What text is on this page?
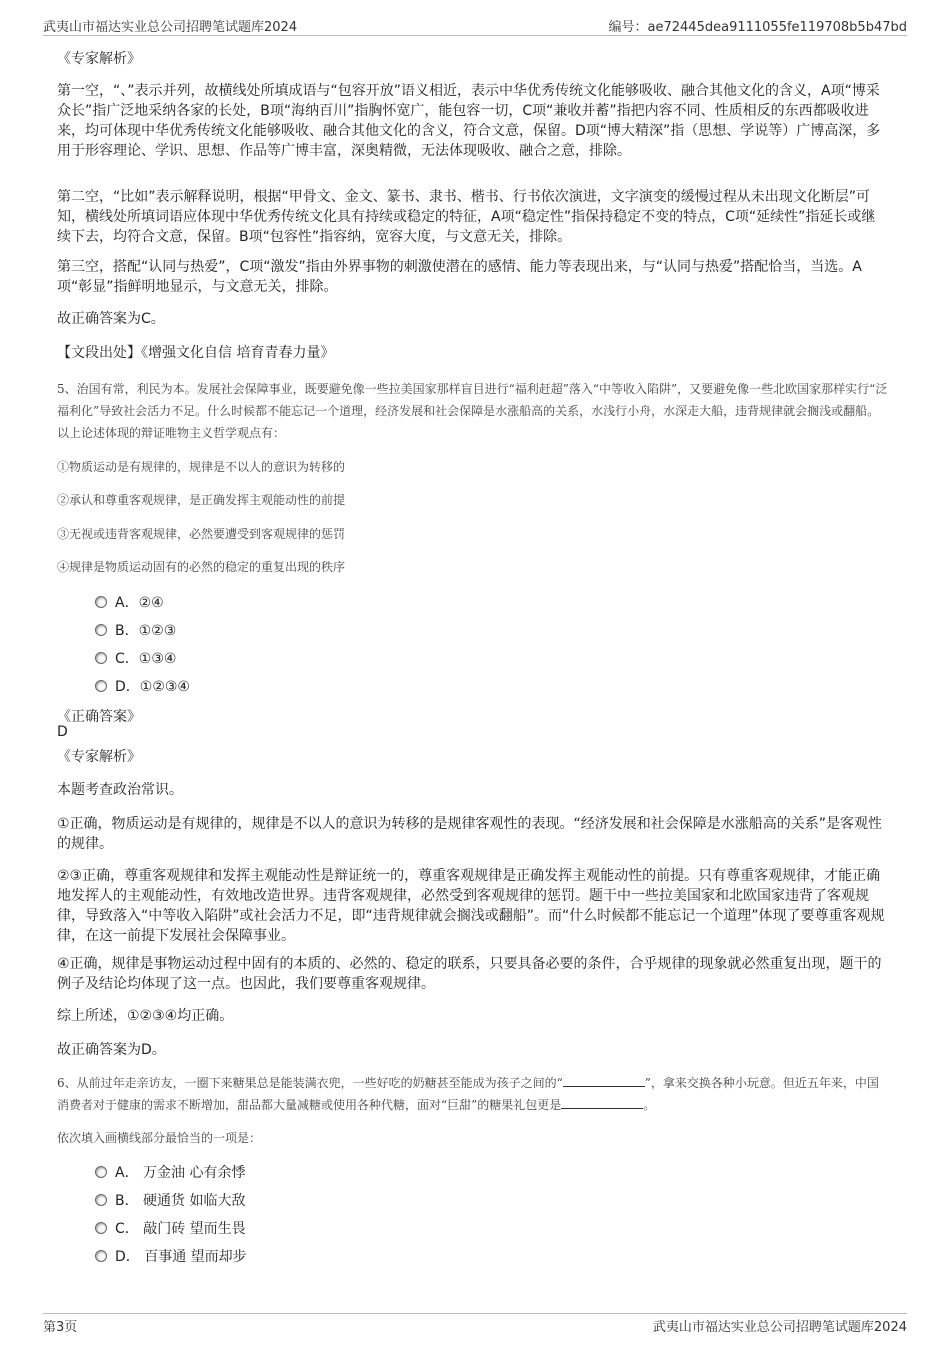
武夷山市福达实业总公司招聘笔试题库2024	编号：ae72445dea9111055fe119708b5b47bd
《专家解析》
第一空，“、”表示并列，故横线处所填成语与“包容开放”语义相近，表示中华优秀传统文化能够吸收、融合其他文化的含义，A项“博采众长”指广泛地采纳各家的长处，B项“海纳百川”指胸怀宽广，能包容一切，C项“兼收并蓄”指把内容不同、性质相反的东西都吸收进来，均可体现中华优秀传统文化能够吸收、融合其他文化的含义，符合文意，保留。D项“博大精深”指（思想、学说等）广博高深，多用于形容理论、学识、思想、作品等广博丰富，深奥精微，无法体现吸收、融合之意，排除。
第二空，“比如”表示解释说明，根据“甲骨文、金文、篆书、隶书、楷书、行书依次演进，文字演变的缓慢过程从未出现文化断层”可知，横线处所填词语应体现中华优秀传统文化具有持续或稳定的特征，A项“稳定性”指保持稳定不变的特点，C项“延续性”指延长或继续下去，均符合文意，保留。B项“包容性”指容纳，宽容大度，与文意无关，排除。
第三空，搭配“认同与热爱”，C项“激发”指由外界事物的刺激使潜在的感情、能力等表现出来，与“认同与热爱”搭配恰当，当选。A项“彰显”指鲜明地显示，与文意无关，排除。
故正确答案为C。
【文段出处】《增强文化自信 培育青春力量》
5、治国有常，利民为本。发展社会保障事业，既要避免像一些拉美国家那样盲目进行“福利赶超”落入“中等收入陷阱”，又要避免像一些北欧国家那样实行“泛福利化”导致社会活力不足。什么时候都不能忘记一个道理，经济发展和社会保障是水涨船高的关系，水浅行小舟，水深走大船，违背规律就会搁浅或翻船。以上论述体现的辩证唯物主义哲学观点有：
①物质运动是有规律的，规律是不以人的意识为转移的
②承认和尊重客观规律，是正确发挥主观能动性的前提
③无视或违背客观规律，必然要遭受到客观规律的惩罚
④规律是物质运动固有的必然的稳定的重复出现的秩序
A．②④
B．①②③
C．①③④
D．①②③④
《正确答案》
D
《专家解析》
本题考查政治常识。
①正确，物质运动是有规律的，规律是不以人的意识为转移的是规律客观性的表现。“经济发展和社会保障是水涨船高的关系”是客观性的规律。
②③正确，尊重客观规律和发挥主观能动性是辩证统一的，尊重客观规律是正确发挥主观能动性的前提。只有尊重客观规律，才能正确地发挥人的主观能动性，有效地改造世界。违背客观规律，必然受到客观规律的惩罚。题干中一些拉美国家和北欧国家违背了客观规律，导致落入“中等收入陷阱”或社会活力不足，即“违背规律就会搁浅或翻船”。而“什么时候都不能忘记一个道理”体现了要尊重客观规律，在这一前提下发展社会保障事业。
④正确，规律是事物运动过程中固有的本质的、必然的、稳定的联系，只要具备必要的条件，合乎规律的现象就必然重复出现，题干的例子及结论均体现了这一点。也因此，我们要尊重客观规律。
综上所述，①②③④均正确。
故正确答案为D。
6、从前过年走亲访友，一圈下来糖果总是能装满衣兜，一些好吃的奶糖甚至能成为孩子之间的“	”，拿来交换各种小玩意。但近五年来，中国消费者对于健康的需求不断增加，甜品都大量减糖或使用各种代糖，面对“巨甜”的糖果礼包更是	。
依次填入画横线部分最恰当的一项是：
A． 万金油 心有余悸
B． 硬通货 如临大敌
C． 敲门砖 望而生畏
D． 百事通 望而却步
第3页	武夷山市福达实业总公司招聘笔试题库2024
